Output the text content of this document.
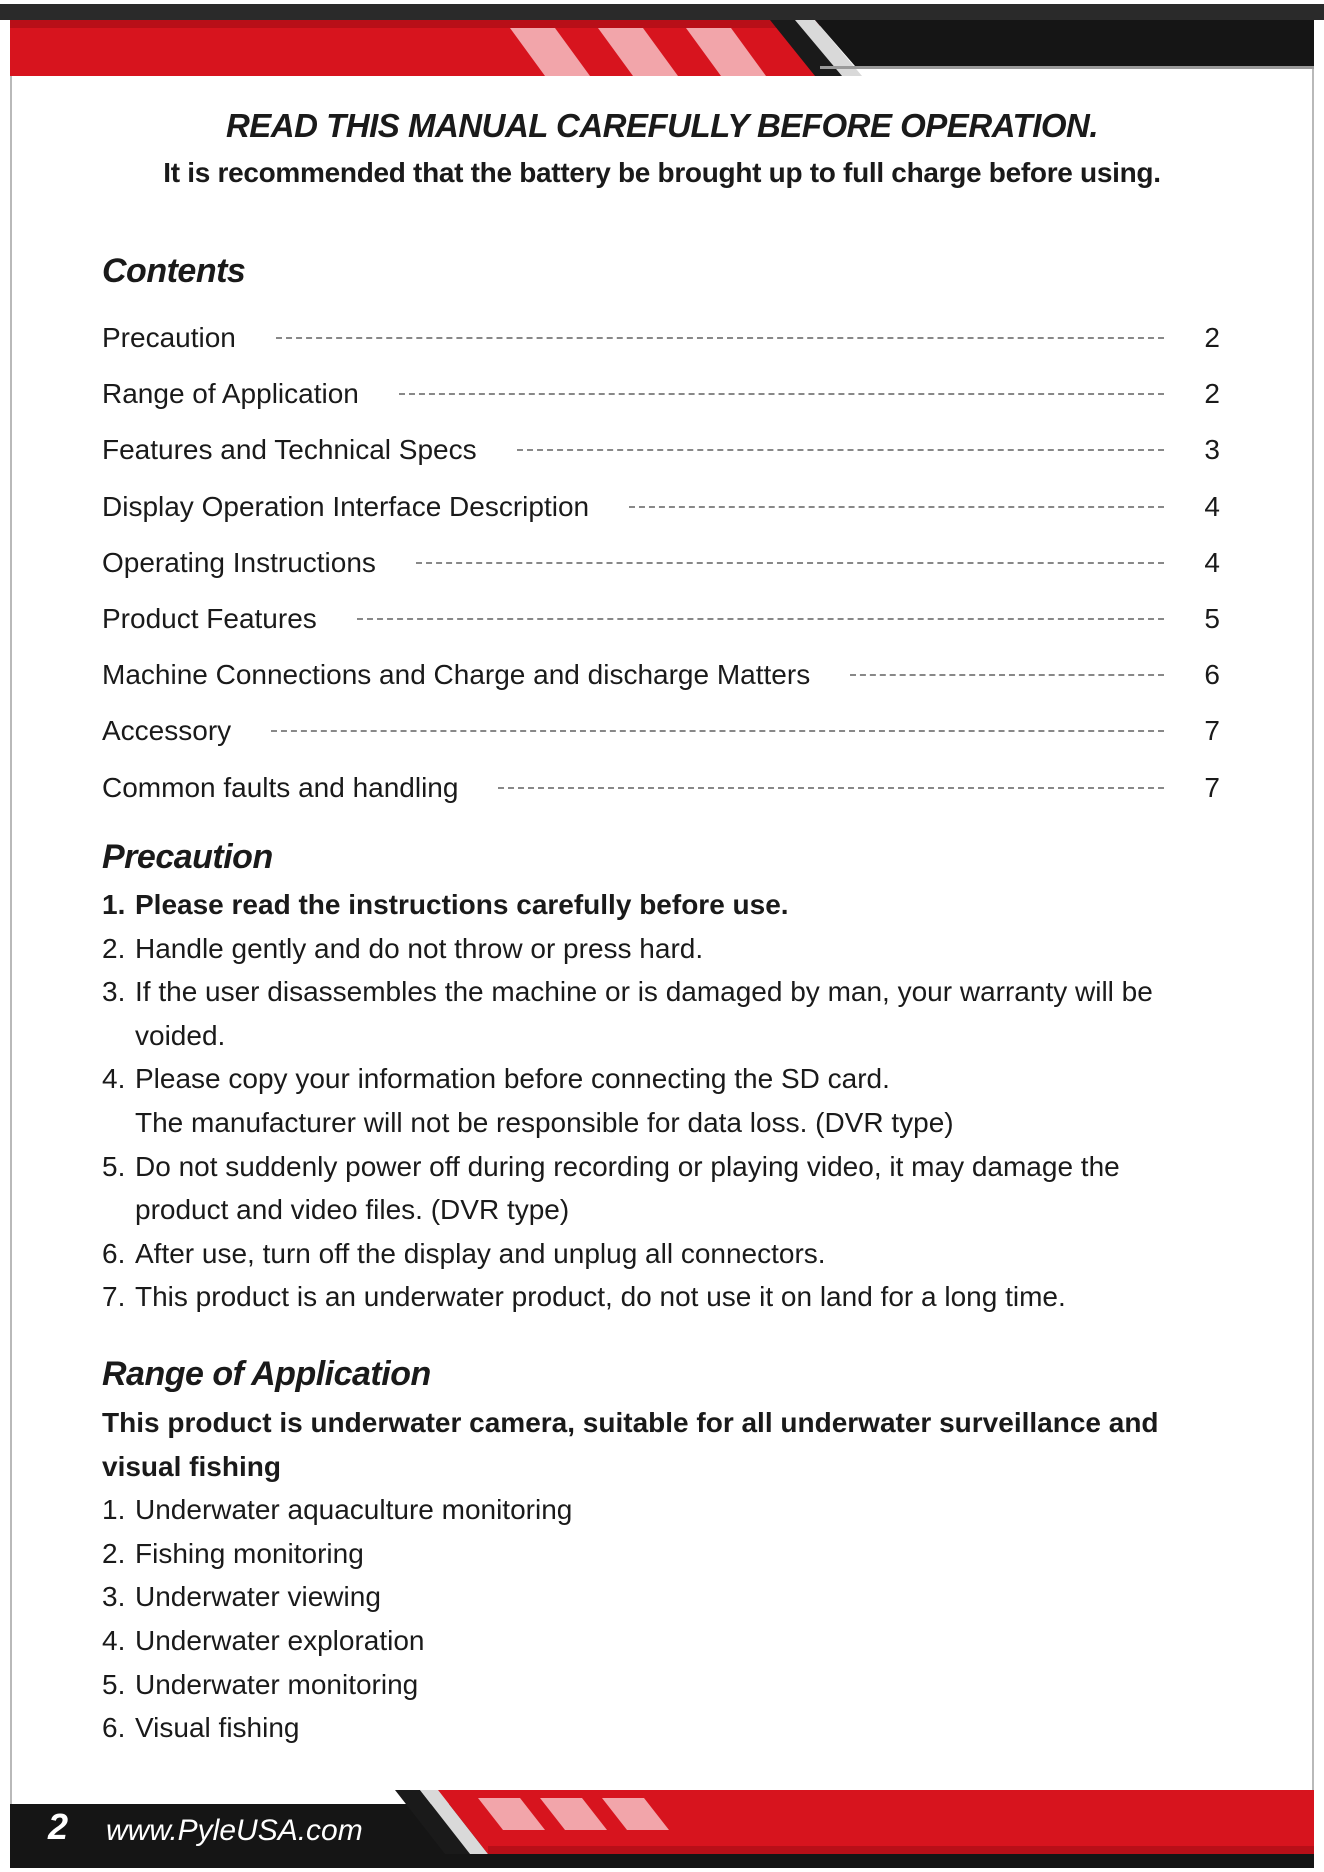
READ THIS MANUAL CAREFULLY BEFORE OPERATION.
It is recommended that the battery be brought up to full charge before using.
Contents
Precaution	2
Range of Application	2
Features and Technical Specs	3
Display Operation Interface Description	4
Operating Instructions	4
Product Features	5
Machine Connections and Charge and discharge Matters	6
Accessory	7
Common faults and handling	7
Precaution
1. Please read the instructions carefully before use.
2. Handle gently and do not throw or press hard.
3. If the user disassembles the machine or is damaged by man, your warranty will be
voided.
4. Please copy your information before connecting the SD card.
The manufacturer will not be responsible for data loss. (DVR type)
5. Do not suddenly power off during recording or playing video, it may damage the
product and video files. (DVR type)
6. After use, turn off the display and unplug all connectors.
7. This product is an underwater product, do not use it on land for a long time.
Range of Application
This product is underwater camera, suitable for all underwater surveillance and
visual fishing
1. Underwater aquaculture monitoring
2. Fishing monitoring
3. Underwater viewing
4. Underwater exploration
5. Underwater monitoring
6. Visual fishing
2 www.PyleUSA.com
